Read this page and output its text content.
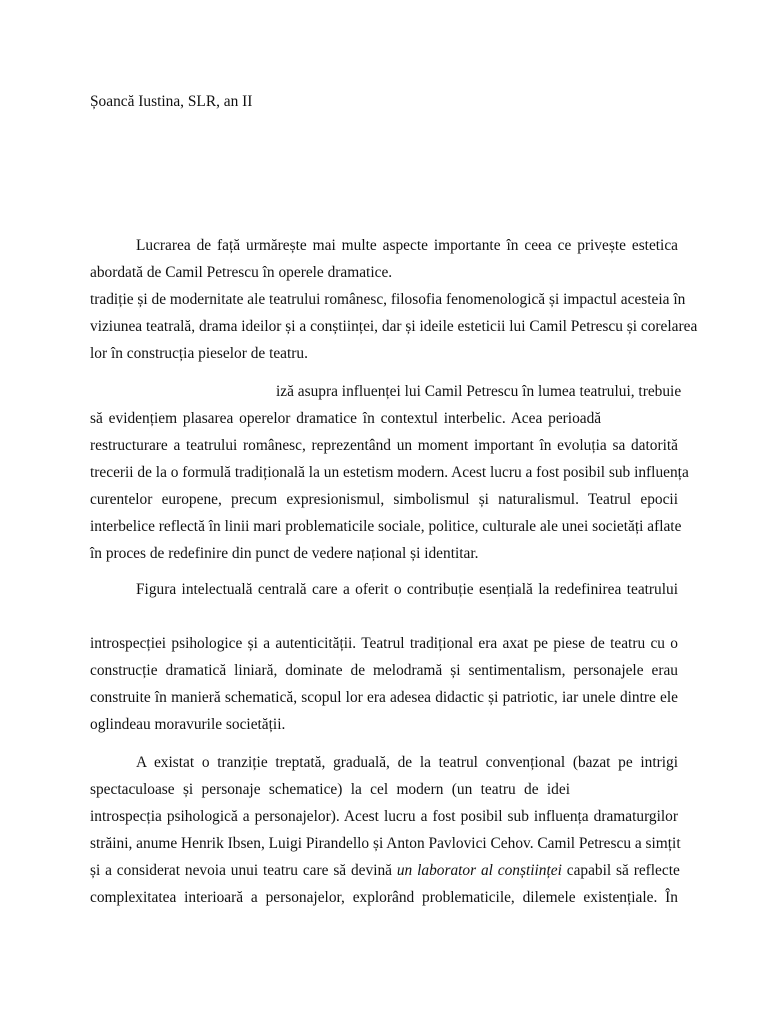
Șoancă Iustina, SLR, an II
Lucrarea de față urmărește mai multe aspecte importante în ceea ce privește estetica
abordată de Camil Petrescu în operele dramatice.
tradiție și de modernitate ale teatrului românesc, filosofia fenomenologică și impactul acesteia în
viziunea teatrală, drama ideilor și a conștiinței, dar și ideile esteticii lui Camil Petrescu și corelarea
lor în construcția pieselor de teatru.
iză asupra influenței lui Camil Petrescu în lumea teatrului, trebuie
să evidențiem plasarea operelor dramatice în contextul interbelic. Acea perioadă
restructurare a teatrului românesc, reprezentând un moment important în evoluția sa datorită
trecerii de la o formulă tradițională la un estetism modern. Acest lucru a fost posibil sub influența
curentelor europene, precum expresionismul, simbolismul și naturalismul. Teatrul epocii
interbelice reflectă în linii mari problematicile sociale, politice, culturale ale unei societăți aflate
în proces de redefinire din punct de vedere național și identitar.
Figura intelectuală centrală care a oferit o contribuție esențială la redefinirea teatrului
introspecției psihologice și a autenticității. Teatrul tradițional era axat pe piese de teatru cu o
construcție dramatică liniară, dominate de melodramă și sentimentalism, personajele erau
construite în manieră schematică, scopul lor era adesea didactic și patriotic, iar unele dintre ele
oglindeau moravurile societății.
A existat o tranziție treptată, graduală, de la teatrul convențional (bazat pe intrigi
spectaculoase și personaje schematice) la cel modern (un teatru de idei
introspecția psihologică a personajelor). Acest lucru a fost posibil sub influența dramaturgilor
străini, anume Henrik Ibsen, Luigi Pirandello și Anton Pavlovici Cehov. Camil Petrescu a simțit
și a considerat nevoia unui teatru care să devină un laborator al conștiinței capabil să reflecte
complexitatea interioară a personajelor, explorând problematicile, dilemele existențiale. În
